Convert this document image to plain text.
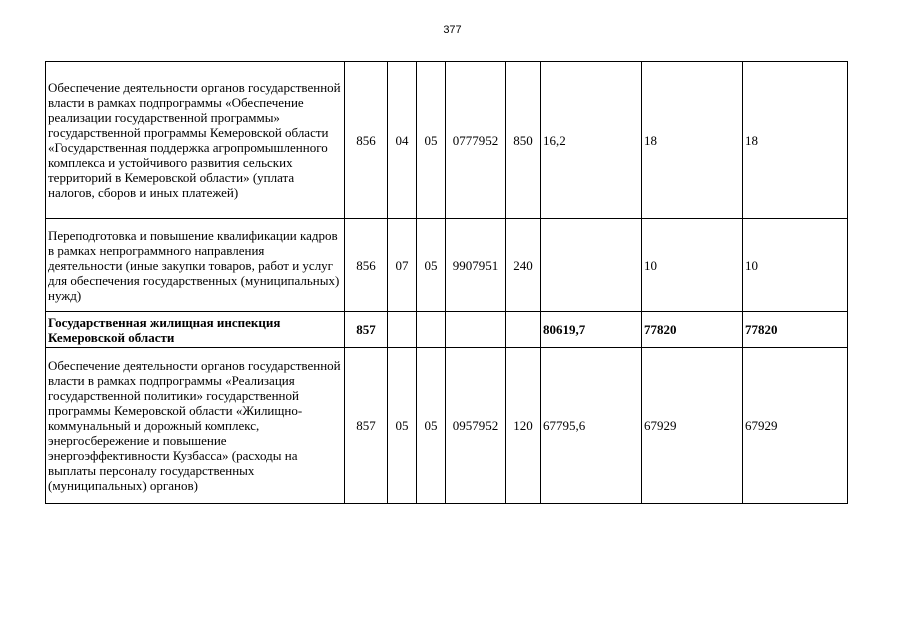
377
Обеспечение деятельности органов государственной власти в рамках подпрограммы «Обеспечение реализации государственной программы» государственной программы Кемеровской области «Государственная поддержка агропромышленного комплекса и устойчивого развития сельских территорий в Кемеровской области» (уплата налогов, сборов и иных платежей)	856	04	05	0777952	850	16,2	18	18
Переподготовка и повышение квалификации кадров в рамках непрограммного направления деятельности (иные закупки товаров, работ и услуг для обеспечения государственных (муниципальных) нужд)	856	07	05	9907951	240		10	10
Государственная жилищная инспекция Кемеровской области	857					80619,7	77820	77820
Обеспечение деятельности органов государственной власти в рамках подпрограммы «Реализация государственной политики» государственной программы Кемеровской области «Жилищно-коммунальный и дорожный комплекс, энергосбережение и повышение энергоэффективности Кузбасса» (расходы на выплаты персоналу государственных (муниципальных) органов)	857	05	05	0957952	120	67795,6	67929	67929
